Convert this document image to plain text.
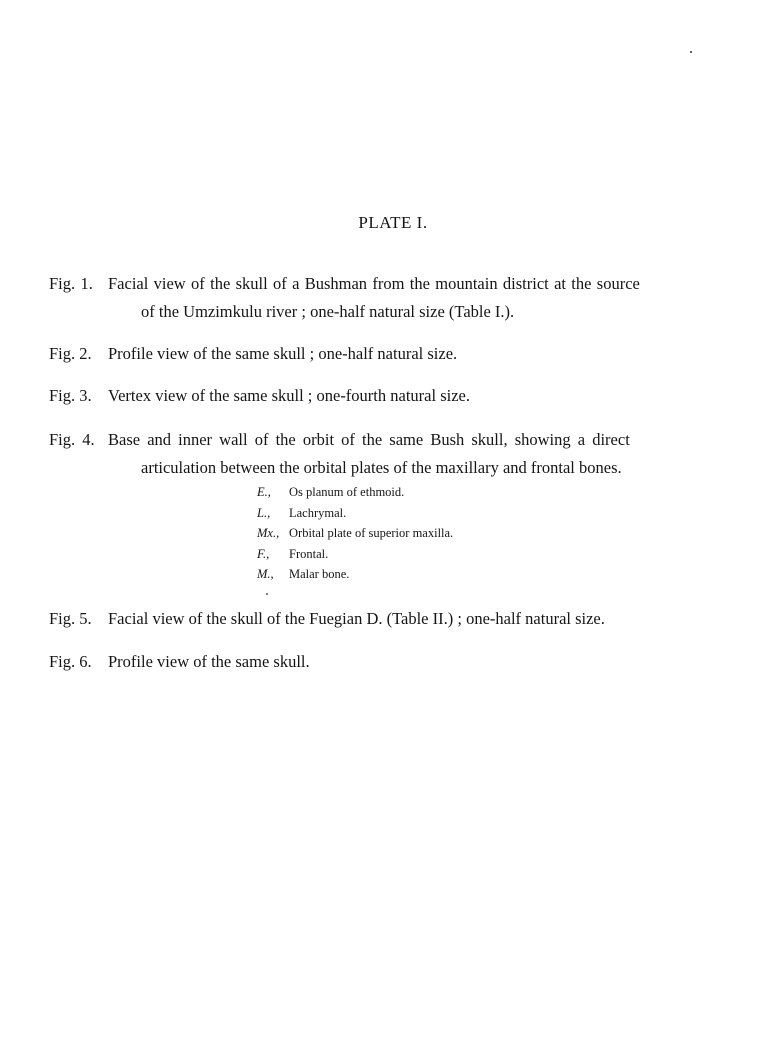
PLATE I.
Fig. 1. Facial view of the skull of a Bushman from the mountain district at the source
of the Umzimkulu river ; one-half natural size (Table I.).
Fig. 2. Profile view of the same skull ; one-half natural size.
Fig. 3. Vertex view of the same skull ; one-fourth natural size.
Fig. 4. Base and inner wall of the orbit of the same Bush skull, showing a direct
articulation between the orbital plates of the maxillary and frontal bones.
E., Os planum of ethmoid.
L., Lachrymal.
Mx., Orbital plate of superior maxilla.
F., Frontal.
M., Malar bone.
Fig. 5. Facial view of the skull of the Fuegian D. (Table II.) ; one-half natural size.
Fig. 6. Profile view of the same skull.
